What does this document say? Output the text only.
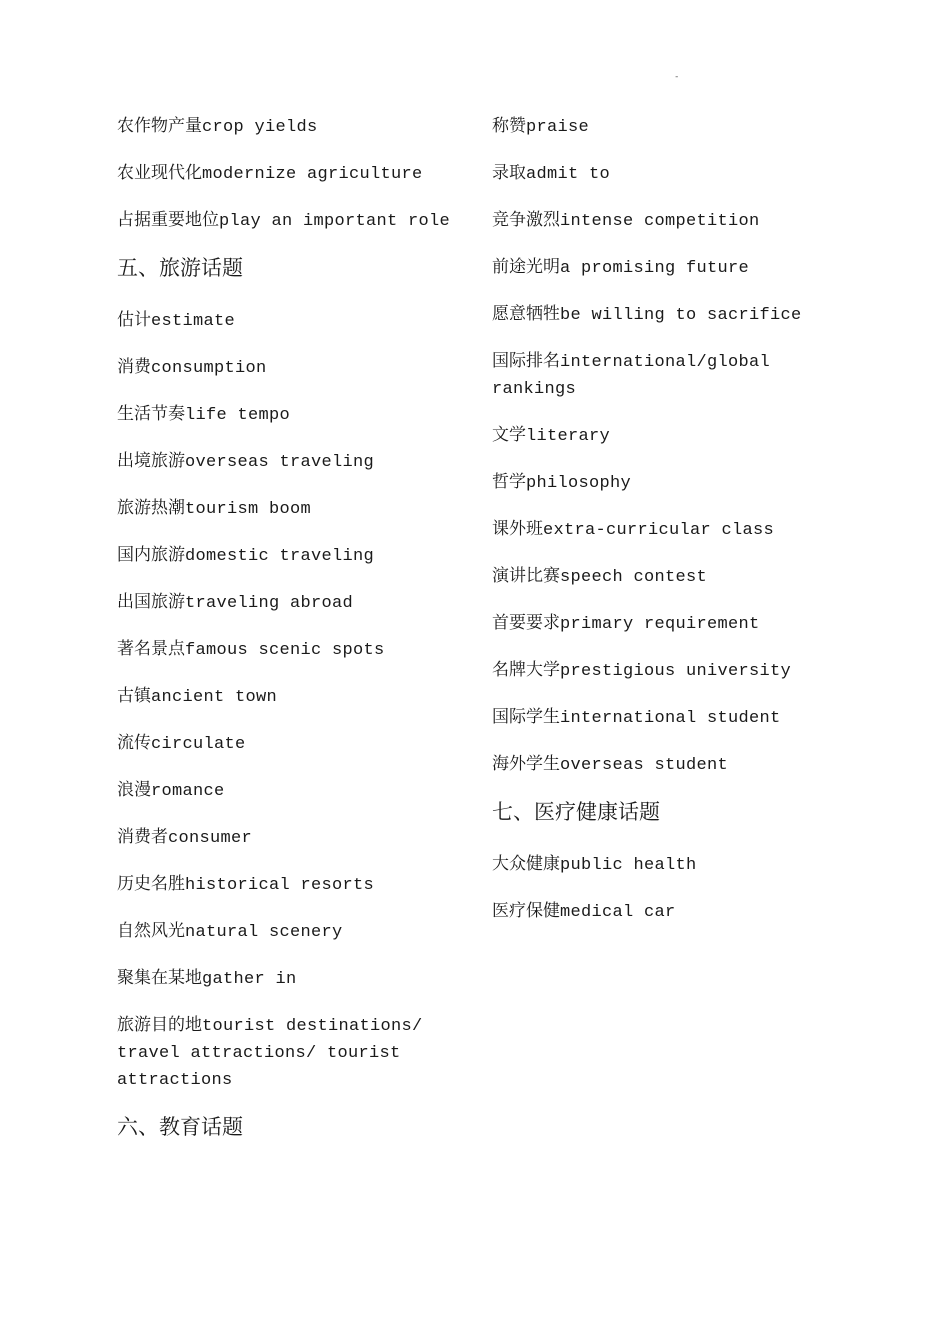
-
农作物产量crop yields
农业现代化modernize agriculture
占据重要地位play an important role
五、旅游话题
估计estimate
消费consumption
生活节奏life tempo
出境旅游overseas traveling
旅游热潮tourism boom
国内旅游domestic traveling
出国旅游traveling abroad
著名景点famous scenic spots
古镇ancient town
流传circulate
浪漫romance
消费者consumer
历史名胜historical resorts
自然风光natural scenery
聚集在某地gather in
旅游目的地tourist destinations/ travel attractions/ tourist attractions
六、教育话题
称赞praise
录取admit to
竞争激烈intense competition
前途光明a promising future
愿意牺牲be willing to sacrifice
国际排名international/global rankings
文学literary
哲学philosophy
课外班extra-curricular class
演讲比赛speech contest
首要要求primary requirement
名牌大学prestigious university
国际学生international student
海外学生overseas student
七、医疗健康话题
大众健康public health
医疗保健medical car
